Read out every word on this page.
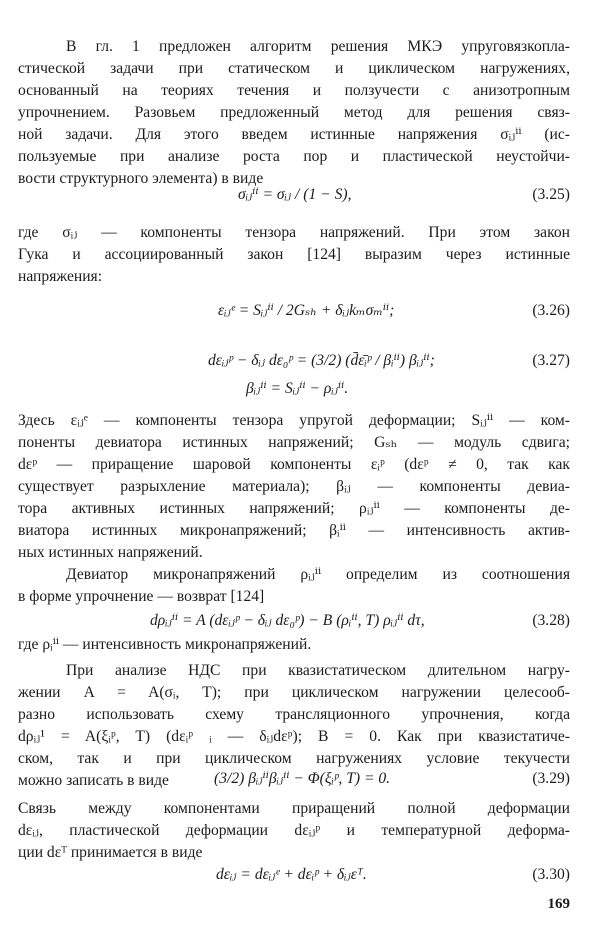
В гл. 1 предложен алгоритм решения МКЭ упруговязкопла-
стической задачи при статическом и циклическом нагружениях,
основанный на теориях течения и ползучести с анизотропным
упрочнением. Разовьем предложенный метод для решения связ-
ной задачи. Для этого введем истинные напряжения σᵢⱼⁱⁱ (ис-
пользуемые при анализе роста пор и пластической неустойчи-
вости структурного элемента) в виде
σᵢⱼⁱⁱ = σᵢⱼ / (1 − S),	(3.25)
где σᵢⱼ — компоненты тензора напряжений. При этом закон
Гука и ассоциированный закон [124] выразим через истинные
напряжения:
εᵢⱼᵉ = Sᵢⱼⁱⁱ / 2Gₛₕ + δᵢⱼkₘσₘⁱⁱ;	(3.26)
dεᵢⱼᵖ − δᵢⱼ dε₀ᵖ = (3/2) (d̄ε̄ᵢᵖ / βᵢⁱⁱ) βᵢⱼⁱⁱ;	(3.27)
βᵢⱼⁱⁱ = Sᵢⱼⁱⁱ − ρᵢⱼⁱⁱ.
Здесь εᵢⱼᵉ — компоненты тензора упругой деформации; Sᵢⱼⁱⁱ — ком-
поненты девиатора истинных напряжений; Gₛₕ — модуль сдвига;
dεᵖ — приращение шаровой компоненты εᵢᵖ (dεᵖ ≠ 0, так как
существует разрыхление материала); βᵢⱼ — компоненты девиа-
тора активных истинных напряжений; ρᵢⱼⁱⁱ — компоненты де-
виатора истинных микронапряжений; βᵢⁱⁱ — интенсивность актив-
ных истинных напряжений.
Девиатор микронапряжений ρᵢⱼⁱⁱ определим из соотношения
в форме упрочнение — возврат [124]
dρᵢⱼⁱⁱ = A (dεᵢⱼᵖ − δᵢⱼ dε₀ᵖ) − B (ρᵢⁱⁱ, T) ρᵢⱼⁱⁱ dτ,	(3.28)
где ρᵢⁱⁱ — интенсивность микронапряжений.
При анализе НДС при квазистатическом длительном нагру-
жении A = A(σᵢ, T); при циклическом нагружении целесооб-
разно использовать схему трансляционного упрочнения, когда
dρᵢⱼ¹ = A(ξᵢᵖ, T) (dεᵢᵖ ᵢ — δᵢⱼdεᵖ); B = 0. Как при квазистатиче-
ском, так и при циклическом нагружениях условие текучести
можно записать в виде	(3/2) βᵢⱼⁱⁱβᵢⱼⁱⁱ − Φ(ξᵢᵖ, T) = 0.	(3.29)
Связь между компонентами приращений полной деформации
dεᵢⱼ, пластической деформации dεᵢⱼᵖ и температурной деформа-
ции dεᵀ принимается в виде
dεᵢⱼ = dεᵢⱼᵉ + dεᵢᵖ + δᵢⱼεᵀ.	(3.30)
169
